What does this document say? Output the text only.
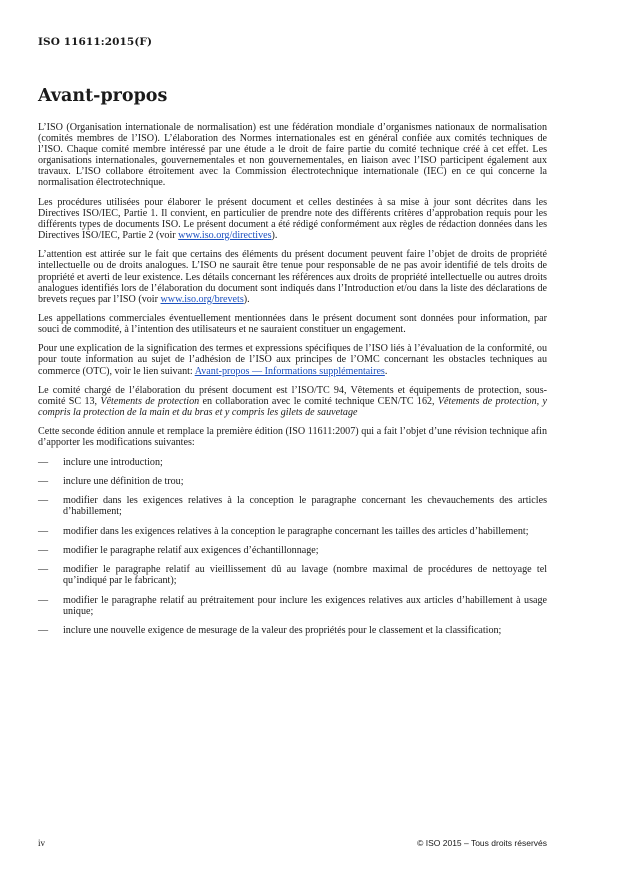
ISO 11611:2015(F)
Avant-propos

L’ISO (Organisation internationale de normalisation) est une fédération mondiale d’organismes nationaux de normalisation (comités membres de l’ISO). L’élaboration des Normes internationales est en général confiée aux comités techniques de l’ISO. Chaque comité membre intéressé par une étude a le droit de faire partie du comité technique créé à cet effet. Les organisations internationales, gouvernementales et non gouvernementales, en liaison avec l’ISO participent également aux travaux. L’ISO collabore étroitement avec la Commission électrotechnique internationale (IEC) en ce qui concerne la normalisation électrotechnique.

Les procédures utilisées pour élaborer le présent document et celles destinées à sa mise à jour sont décrites dans les Directives ISO/IEC, Partie 1. Il convient, en particulier de prendre note des différents critères d’approbation requis pour les différents types de documents ISO. Le présent document a été rédigé conformément aux règles de rédaction données dans les Directives ISO/IEC, Partie 2 (voir www.iso.org/directives).

L’attention est attirée sur le fait que certains des éléments du présent document peuvent faire l’objet de droits de propriété intellectuelle ou de droits analogues. L’ISO ne saurait être tenue pour responsable de ne pas avoir identifié de tels droits de propriété et averti de leur existence. Les détails concernant les références aux droits de propriété intellectuelle ou autres droits analogues identifiés lors de l’élaboration du document sont indiqués dans l’Introduction et/ou dans la liste des déclarations de brevets reçues par l’ISO (voir www.iso.org/brevets).

Les appellations commerciales éventuellement mentionnées dans le présent document sont données pour information, par souci de commodité, à l’intention des utilisateurs et ne sauraient constituer un engagement.

Pour une explication de la signification des termes et expressions spécifiques de l’ISO liés à l’évaluation de la conformité, ou pour toute information au sujet de l’adhésion de l’ISO aux principes de l’OMC concernant les obstacles techniques au commerce (OTC), voir le lien suivant: Avant-propos — Informations supplémentaires.

Le comité chargé de l’élaboration du présent document est l’ISO/TC 94, Vêtements et équipements de protection, sous-comité SC 13, Vêtements de protection en collaboration avec le comité technique CEN/TC 162, Vêtements de protection, y compris la protection de la main et du bras et y compris les gilets de sauvetage

Cette seconde édition annule et remplace la première édition (ISO 11611:2007) qui a fait l’objet d’une révision technique afin d’apporter les modifications suivantes:

— inclure une introduction;
— inclure une définition de trou;
— modifier dans les exigences relatives à la conception le paragraphe concernant les chevauchements des articles d’habillement;
— modifier dans les exigences relatives à la conception le paragraphe concernant les tailles des articles d’habillement;
— modifier le paragraphe relatif aux exigences d’échantillonnage;
— modifier le paragraphe relatif au vieillissement dû au lavage (nombre maximal de procédures de nettoyage tel qu’indiqué par le fabricant);
— modifier le paragraphe relatif au prétraitement pour inclure les exigences relatives aux articles d’habillement à usage unique;
— inclure une nouvelle exigence de mesurage de la valeur des propriétés pour le classement et la classification;
iv	© ISO 2015 – Tous droits réservés
